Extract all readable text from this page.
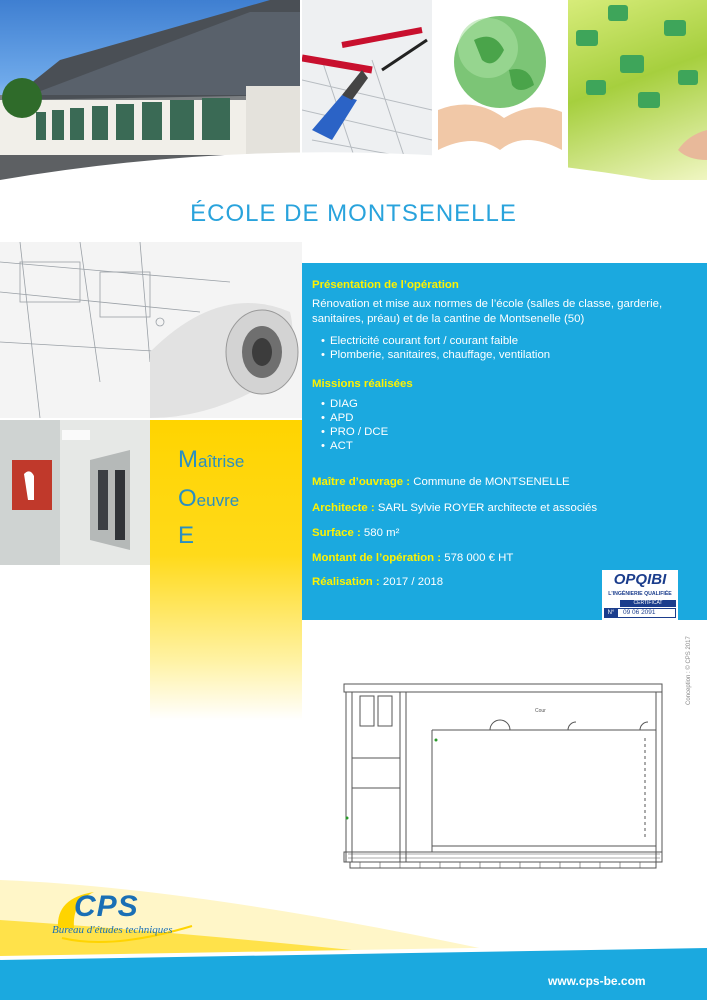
ÉCOLE DE MONTSENELLE
Maîtrise
Oeuvre
E
Présentation de l’opération
Rénovation et mise aux normes de l’école (salles de classe, garderie,
sanitaires, préau) et de la cantine de Montsenelle (50)
• Electricité courant fort / courant faible
• Plomberie, sanitaires, chauffage, ventilation
Missions réalisées
• DIAG
• APD
• PRO / DCE
• ACT
Maître d’ouvrage : Commune de MONTSENELLE
Architecte : SARL Sylvie ROYER architecte et associés
Surface : 580 m²
Montant de l’opération : 578 000 € HT
Réalisation : 2017 / 2018	OPQIBI
L'INGÉNIERIE QUALIFIÉE
CERTIFICAT
N°	09 06 2091
Conception : © CPS 2017
Cour
CPS
Bureau d'études techniques
www.cps-be.com
